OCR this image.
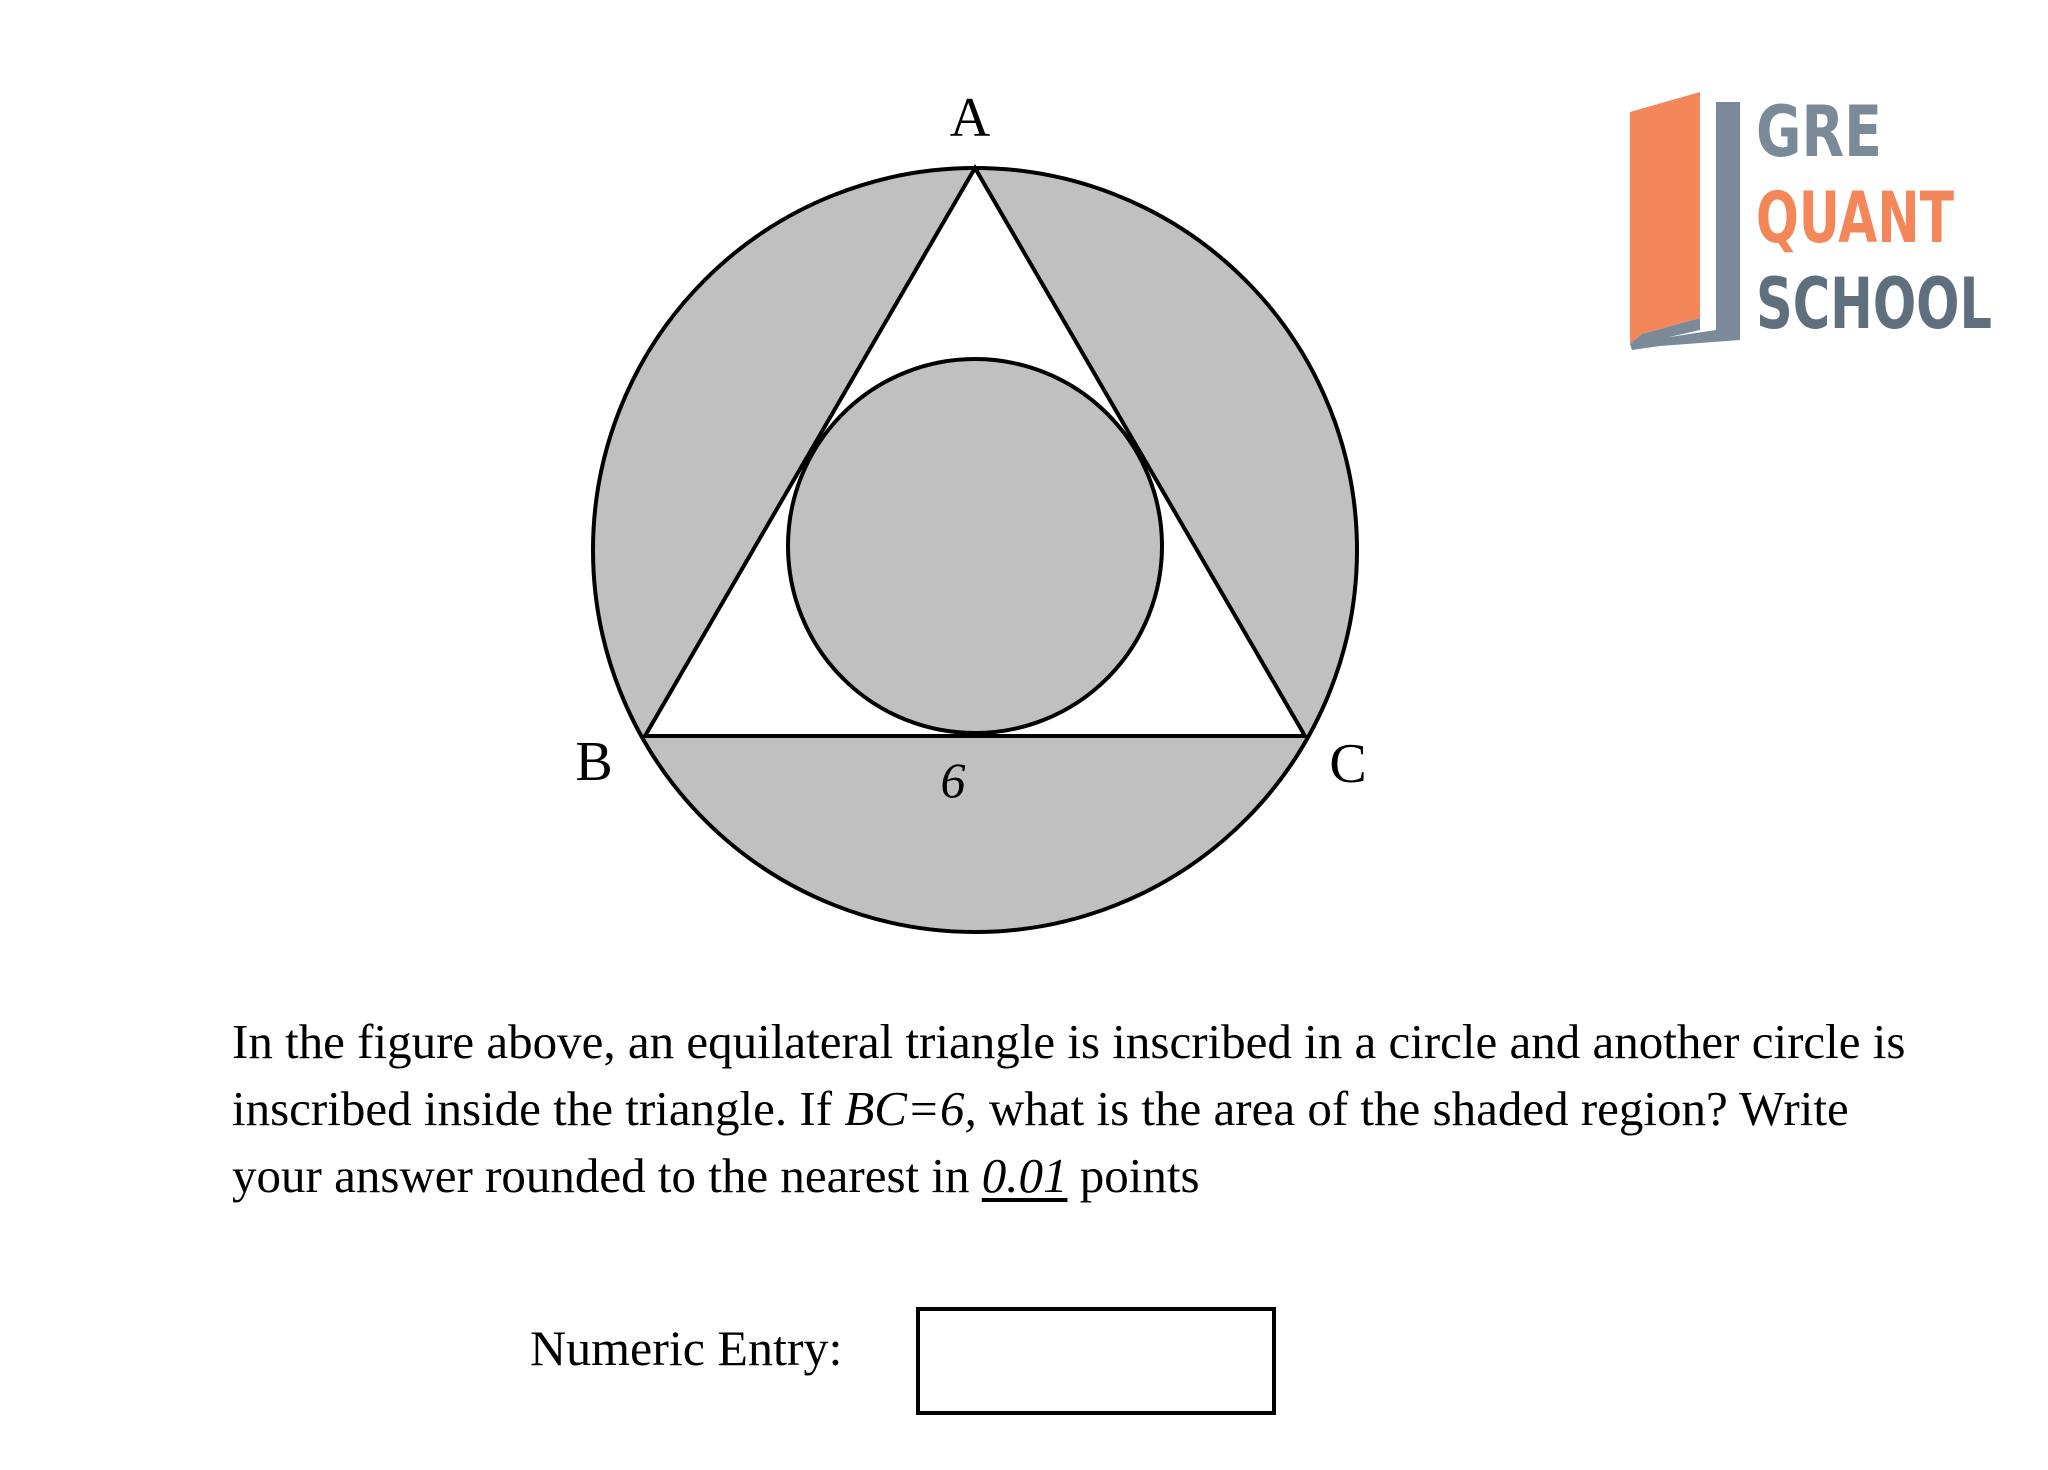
A
B	C
6
GRE
QUANT
SCHOOL

In the figure above, an equilateral triangle is inscribed in a circle and another circle is inscribed inside the triangle. If BC=6, what is the area of the shaded region? Write your answer rounded to the nearest in 0.01 points

Numeric Entry:
